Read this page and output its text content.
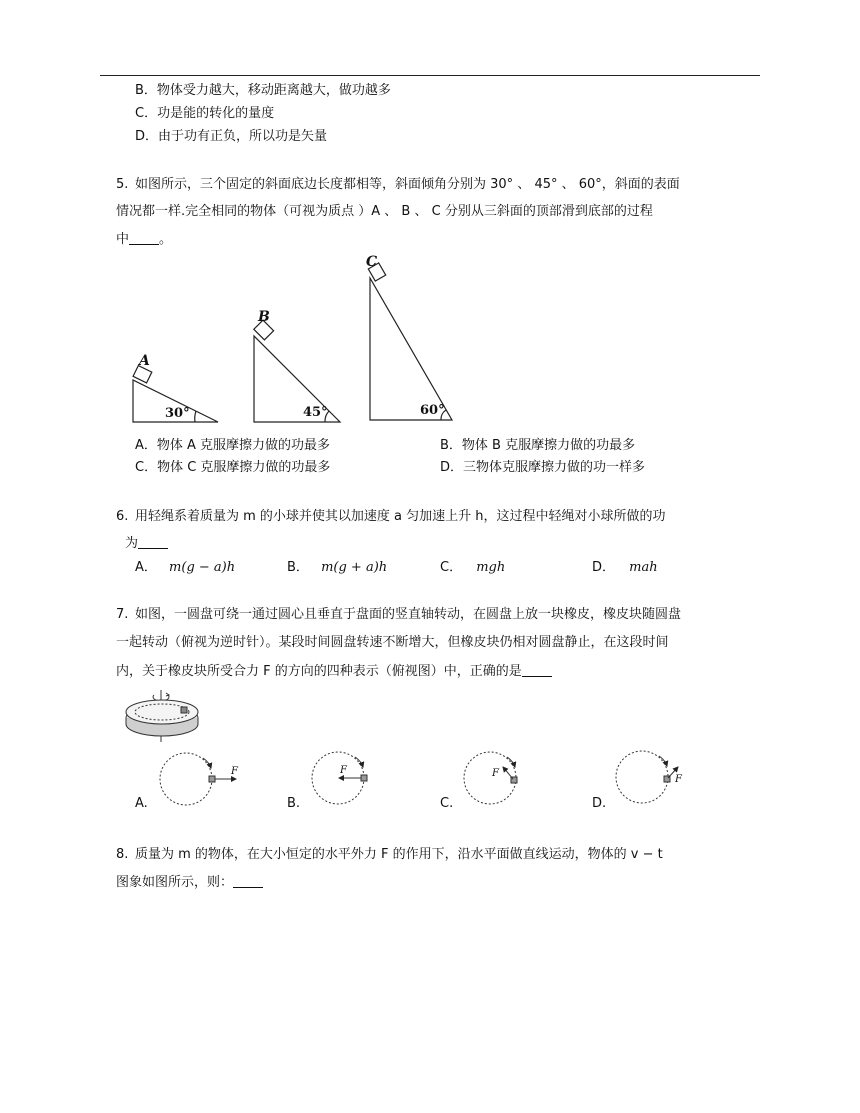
B．物体受力越大，移动距离越大，做功越多
C．功是能的转化的量度
D．由于功有正负，所以功是矢量
5. 如图所示，三个固定的斜面底边长度都相等，斜面倾角分别为 30° 、 45° 、 60°，斜面的表面
情况都一样.完全相同的物体（可视为质点 ）A 、 B 、 C 分别从三斜面的顶部滑到底部的过程
中 。
A
B
C
30°	45°	60°
A．物体 A 克服摩擦力做的功最多	B．物体 B 克服摩擦力做的功最多
C．物体 C 克服摩擦力做的功最多	D．三物体克服摩擦力做的功一样多
6. 用轻绳系着质量为 m 的小球并使其以加速度 a 匀加速上升 h，这过程中轻绳对小球所做的功
为
A． m(g − a)h	B． m(g + a)h	C． mgh	D． mah
7. 如图，一圆盘可绕一通过圆心且垂直于盘面的竖直轴转动，在圆盘上放一块橡皮，橡皮块随圆盘
一起转动（俯视为逆时针）。某段时间圆盘转速不断增大，但橡皮块仍相对圆盘静止，在这段时间
内，关于橡皮块所受合力 F 的方向的四种表示（俯视图）中，正确的是
F	F	F
F
A.	B.	C.	D.
8. 质量为 m 的物体，在大小恒定的水平外力 F 的作用下，沿水平面做直线运动，物体的 v − t
图象如图所示，则：
